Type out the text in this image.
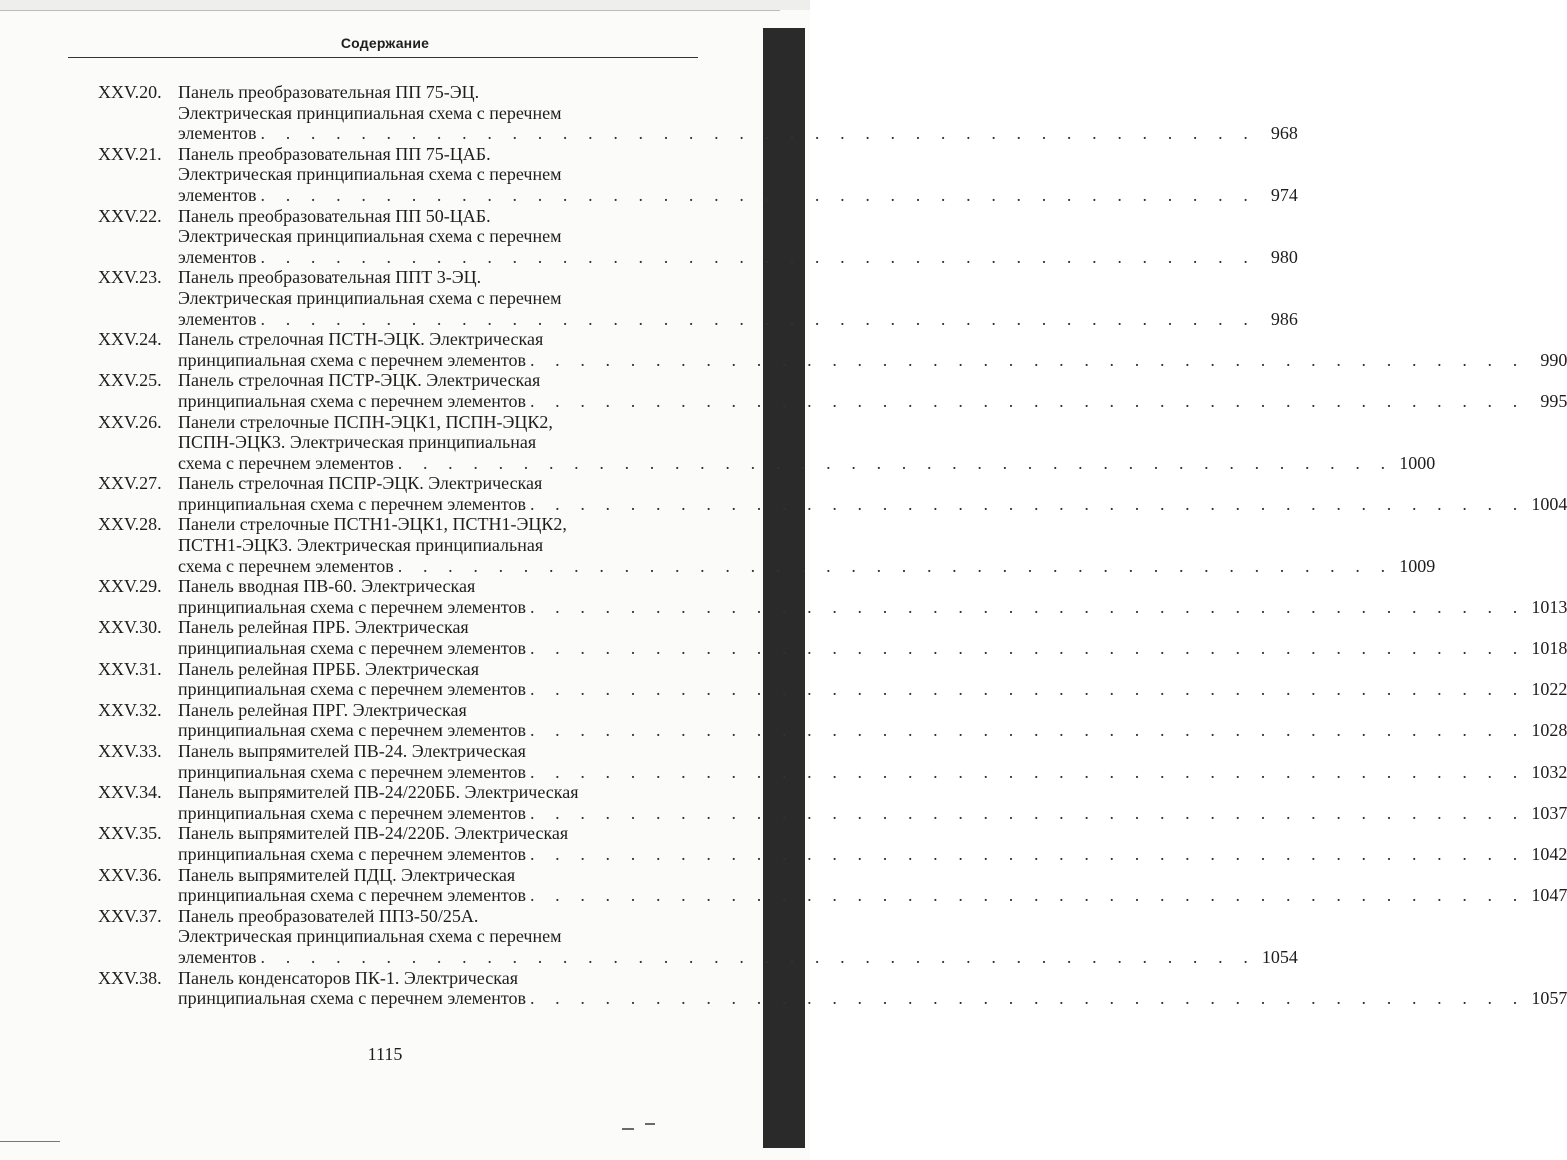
Содержание
XXV.20. Панель преобразовательная ПП 75-ЭЦ.
Электрическая принципиальная схема с перечнем
элементов . . . . . . . . . . . . . . . . . . . . . . . . . . . . . . . . . . . . . . . . 968
XXV.21. Панель преобразовательная ПП 75-ЦАБ.
Электрическая принципиальная схема с перечнем
элементов . . . . . . . . . . . . . . . . . . . . . . . . . . . . . . . . . . . . . . . . 974
XXV.22. Панель преобразовательная ПП 50-ЦАБ.
Электрическая принципиальная схема с перечнем
элементов . . . . . . . . . . . . . . . . . . . . . . . . . . . . . . . . . . . . . . . . 980
XXV.23. Панель преобразовательная ППТ 3-ЭЦ.
Электрическая принципиальная схема с перечнем
элементов . . . . . . . . . . . . . . . . . . . . . . . . . . . . . . . . . . . . . . . . 986
XXV.24. Панель стрелочная ПСТН-ЭЦК. Электрическая
принципиальная схема с перечнем элементов . . . . . . . . . . . . . . . . . . . . . . . . . . . . . . . . . . . . . . . . 990
XXV.25. Панель стрелочная ПСТР-ЭЦК. Электрическая
принципиальная схема с перечнем элементов . . . . . . . . . . . . . . . . . . . . . . . . . . . . . . . . . . . . . . . . 995
XXV.26. Панели стрелочные ПСПН-ЭЦК1, ПСПН-ЭЦК2,
ПСПН-ЭЦК3. Электрическая принципиальная
схема с перечнем элементов . . . . . . . . . . . . . . . . . . . . . . . . . . . . . . . . . . . . . . . . 1000
XXV.27. Панель стрелочная ПСПР-ЭЦК. Электрическая
принципиальная схема с перечнем элементов . . . . . . . . . . . . . . . . . . . . . . . . . . . . . . . . . . . . . . . . 1004
XXV.28. Панели стрелочные ПСТН1-ЭЦК1, ПСТН1-ЭЦК2,
ПСТН1-ЭЦК3. Электрическая принципиальная
схема с перечнем элементов . . . . . . . . . . . . . . . . . . . . . . . . . . . . . . . . . . . . . . . . 1009
XXV.29. Панель вводная ПВ-60. Электрическая
принципиальная схема с перечнем элементов . . . . . . . . . . . . . . . . . . . . . . . . . . . . . . . . . . . . . . . . 1013
XXV.30. Панель релейная ПРБ. Электрическая
принципиальная схема с перечнем элементов . . . . . . . . . . . . . . . . . . . . . . . . . . . . . . . . . . . . . . . . 1018
XXV.31. Панель релейная ПРББ. Электрическая
принципиальная схема с перечнем элементов . . . . . . . . . . . . . . . . . . . . . . . . . . . . . . . . . . . . . . . . 1022
XXV.32. Панель релейная ПРГ. Электрическая
принципиальная схема с перечнем элементов . . . . . . . . . . . . . . . . . . . . . . . . . . . . . . . . . . . . . . . . 1028
XXV.33. Панель выпрямителей ПВ-24. Электрическая
принципиальная схема с перечнем элементов . . . . . . . . . . . . . . . . . . . . . . . . . . . . . . . . . . . . . . . . 1032
XXV.34. Панель выпрямителей ПВ-24/220ББ. Электрическая
принципиальная схема с перечнем элементов . . . . . . . . . . . . . . . . . . . . . . . . . . . . . . . . . . . . . . . . 1037
XXV.35. Панель выпрямителей ПВ-24/220Б. Электрическая
принципиальная схема с перечнем элементов . . . . . . . . . . . . . . . . . . . . . . . . . . . . . . . . . . . . . . . . 1042
XXV.36. Панель выпрямителей ПДЦ. Электрическая
принципиальная схема с перечнем элементов . . . . . . . . . . . . . . . . . . . . . . . . . . . . . . . . . . . . . . . . 1047
XXV.37. Панель преобразователей ППЗ-50/25А.
Электрическая принципиальная схема с перечнем
элементов . . . . . . . . . . . . . . . . . . . . . . . . . . . . . . . . . . . . . . . . 1054
XXV.38. Панель конденсаторов ПК-1. Электрическая
принципиальная схема с перечнем элементов . . . . . . . . . . . . . . . . . . . . . . . . . . . . . . . . . . . . . . . . 1057
1115
